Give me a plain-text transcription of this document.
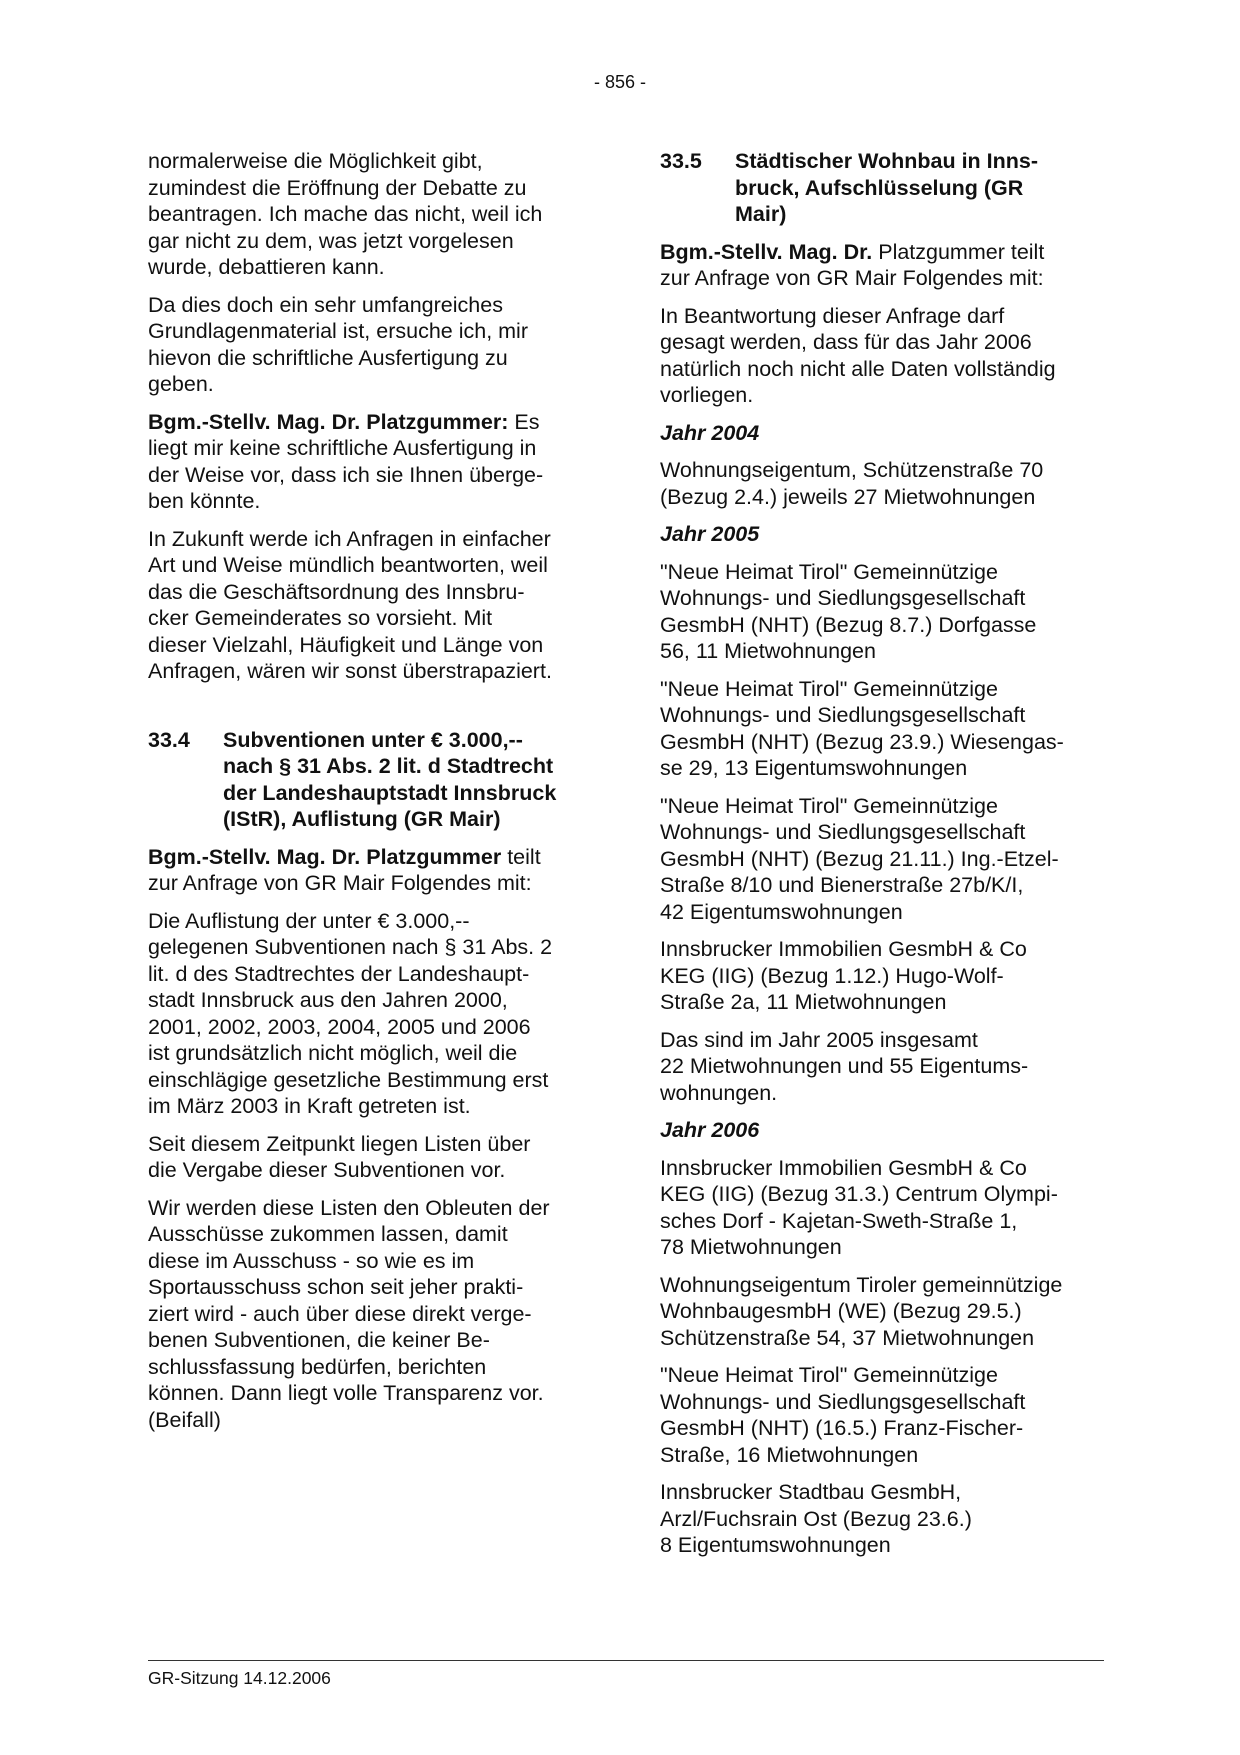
- 856 -

normalerweise die Möglichkeit gibt,
zumindest die Eröffnung der Debatte zu
beantragen. Ich mache das nicht, weil ich
gar nicht zu dem, was jetzt vorgelesen
wurde, debattieren kann.

Da dies doch ein sehr umfangreiches
Grundlagenmaterial ist, ersuche ich, mir
hievon die schriftliche Ausfertigung zu
geben.

Bgm.-Stellv. Mag. Dr. Platzgummer: Es
liegt mir keine schriftliche Ausfertigung in
der Weise vor, dass ich sie Ihnen überge-
ben könnte.

In Zukunft werde ich Anfragen in einfacher
Art und Weise mündlich beantworten, weil
das die Geschäftsordnung des Innsbru-
cker Gemeinderates so vorsieht. Mit
dieser Vielzahl, Häufigkeit und Länge von
Anfragen, wären wir sonst überstrapaziert.

33.4	Subventionen unter € 3.000,--
nach § 31 Abs. 2 lit. d Stadtrecht
der Landeshauptstadt Innsbruck
(IStR), Auflistung (GR Mair)

Bgm.-Stellv. Mag. Dr. Platzgummer teilt
zur Anfrage von GR Mair Folgendes mit:

Die Auflistung der unter € 3.000,--
gelegenen Subventionen nach § 31 Abs. 2
lit. d des Stadtrechtes der Landeshaupt-
stadt Innsbruck aus den Jahren 2000,
2001, 2002, 2003, 2004, 2005 und 2006
ist grundsätzlich nicht möglich, weil die
einschlägige gesetzliche Bestimmung erst
im März 2003 in Kraft getreten ist.

Seit diesem Zeitpunkt liegen Listen über
die Vergabe dieser Subventionen vor.

Wir werden diese Listen den Obleuten der
Ausschüsse zukommen lassen, damit
diese im Ausschuss - so wie es im
Sportausschuss schon seit jeher prakti-
ziert wird - auch über diese direkt verge-
benen Subventionen, die keiner Be-
schlussfassung bedürfen, berichten
können. Dann liegt volle Transparenz vor.
(Beifall)

33.5	Städtischer Wohnbau in Inns-
bruck, Aufschlüsselung (GR
Mair)

Bgm.-Stellv. Mag. Dr. Platzgummer teilt
zur Anfrage von GR Mair Folgendes mit:

In Beantwortung dieser Anfrage darf
gesagt werden, dass für das Jahr 2006
natürlich noch nicht alle Daten vollständig
vorliegen.

Jahr 2004

Wohnungseigentum, Schützenstraße 70
(Bezug 2.4.) jeweils 27 Mietwohnungen

Jahr 2005

"Neue Heimat Tirol" Gemeinnützige
Wohnungs- und Siedlungsgesellschaft
GesmbH (NHT) (Bezug 8.7.) Dorfgasse
56, 11 Mietwohnungen

"Neue Heimat Tirol" Gemeinnützige
Wohnungs- und Siedlungsgesellschaft
GesmbH (NHT) (Bezug 23.9.) Wiesengas-
se 29, 13 Eigentumswohnungen

"Neue Heimat Tirol" Gemeinnützige
Wohnungs- und Siedlungsgesellschaft
GesmbH (NHT) (Bezug 21.11.) Ing.-Etzel-
Straße 8/10 und Bienerstraße 27b/K/I,
42 Eigentumswohnungen

Innsbrucker Immobilien GesmbH & Co
KEG (IIG) (Bezug 1.12.) Hugo-Wolf-
Straße 2a, 11 Mietwohnungen

Das sind im Jahr 2005 insgesamt
22 Mietwohnungen und 55 Eigentums-
wohnungen.

Jahr 2006

Innsbrucker Immobilien GesmbH & Co
KEG (IIG) (Bezug 31.3.) Centrum Olympi-
sches Dorf - Kajetan-Sweth-Straße 1,
78 Mietwohnungen

Wohnungseigentum Tiroler gemeinnützige
WohnbaugesmbH (WE) (Bezug 29.5.)
Schützenstraße 54, 37 Mietwohnungen

"Neue Heimat Tirol" Gemeinnützige
Wohnungs- und Siedlungsgesellschaft
GesmbH (NHT) (16.5.) Franz-Fischer-
Straße, 16 Mietwohnungen

Innsbrucker Stadtbau GesmbH,
Arzl/Fuchsrain Ost (Bezug 23.6.)
8 Eigentumswohnungen

GR-Sitzung 14.12.2006
